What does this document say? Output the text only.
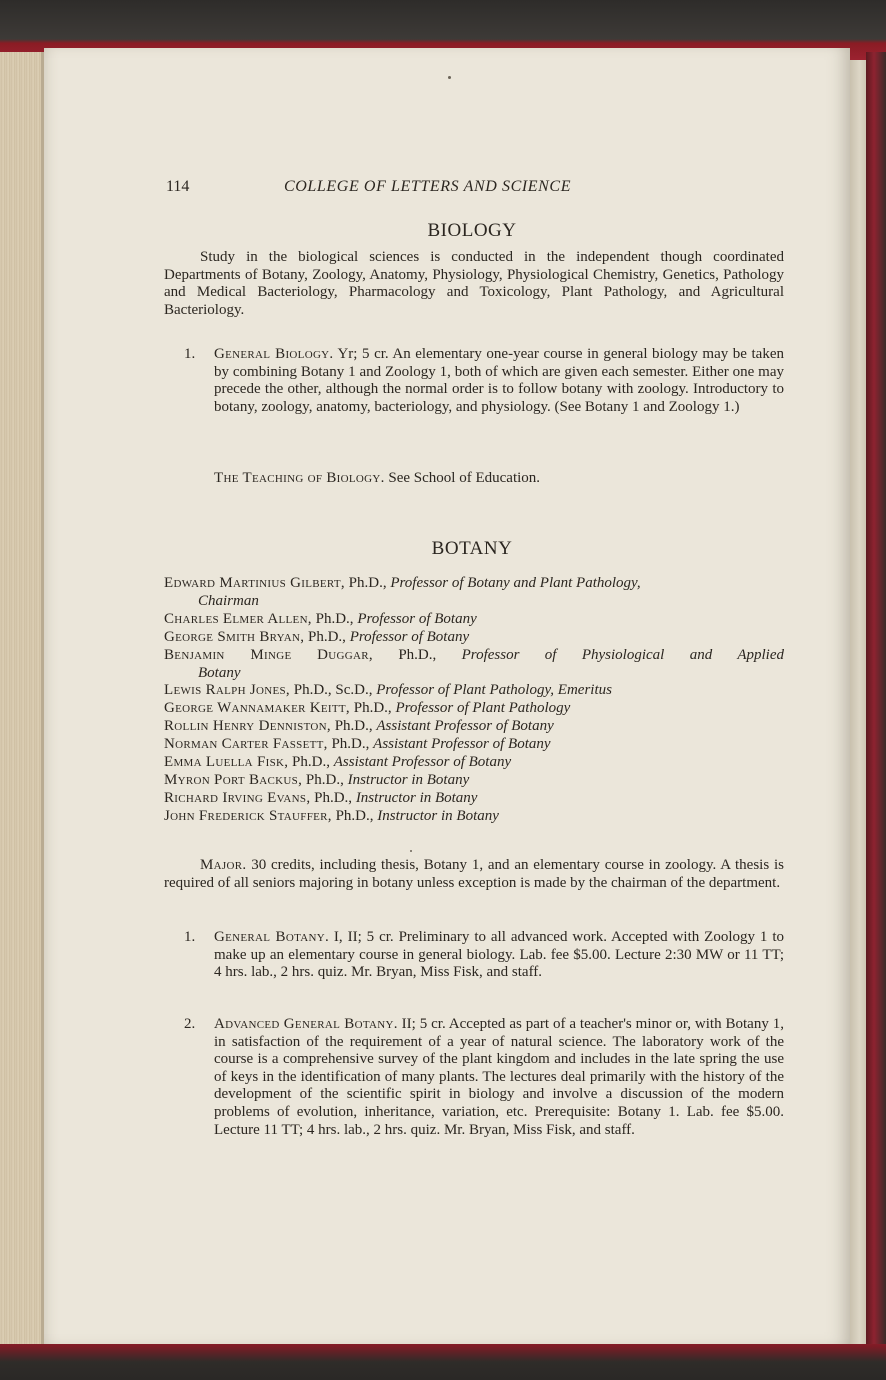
114	COLLEGE OF LETTERS AND SCIENCE
BIOLOGY
Study in the biological sciences is conducted in the independent though coordinated Departments of Botany, Zoology, Anatomy, Physiology, Physiological Chemistry, Genetics, Pathology and Medical Bacteriology, Pharmacology and Toxicology, Plant Pathology, and Agricultural Bacteriology.
1. General Biology. Yr; 5 cr. An elementary one-year course in general biology may be taken by combining Botany 1 and Zoology 1, both of which are given each semester. Either one may precede the other, although the normal order is to follow botany with zoology. Introductory to botany, zoology, anatomy, bacteriology, and physiology. (See Botany 1 and Zoology 1.)
The Teaching of Biology. See School of Education.
BOTANY
Edward Martinius Gilbert, Ph.D., Professor of Botany and Plant Pathology,
Chairman
Charles Elmer Allen, Ph.D., Professor of Botany
George Smith Bryan, Ph.D., Professor of Botany
Benjamin Minge Duggar, Ph.D., Professor of Physiological and Applied
Botany
Lewis Ralph Jones, Ph.D., Sc.D., Professor of Plant Pathology, Emeritus
George Wannamaker Keitt, Ph.D., Professor of Plant Pathology
Rollin Henry Denniston, Ph.D., Assistant Professor of Botany
Norman Carter Fassett, Ph.D., Assistant Professor of Botany
Emma Luella Fisk, Ph.D., Assistant Professor of Botany
Myron Port Backus, Ph.D., Instructor in Botany
Richard Irving Evans, Ph.D., Instructor in Botany
John Frederick Stauffer, Ph.D., Instructor in Botany
Major. 30 credits, including thesis, Botany 1, and an elementary course in zoology. A thesis is required of all seniors majoring in botany unless exception is made by the chairman of the department.
1. General Botany. I, II; 5 cr. Preliminary to all advanced work. Accepted with Zoology 1 to make up an elementary course in general biology. Lab. fee $5.00. Lecture 2:30 MW or 11 TT; 4 hrs. lab., 2 hrs. quiz. Mr. Bryan, Miss Fisk, and staff.
2. Advanced General Botany. II; 5 cr. Accepted as part of a teacher's minor or, with Botany 1, in satisfaction of the requirement of a year of natural science. The laboratory work of the course is a comprehensive survey of the plant kingdom and includes in the late spring the use of keys in the identification of many plants. The lectures deal primarily with the history of the development of the scientific spirit in biology and involve a discussion of the modern problems of evolution, inheritance, variation, etc. Prerequisite: Botany 1. Lab. fee $5.00. Lecture 11 TT; 4 hrs. lab., 2 hrs. quiz. Mr. Bryan, Miss Fisk, and staff.
